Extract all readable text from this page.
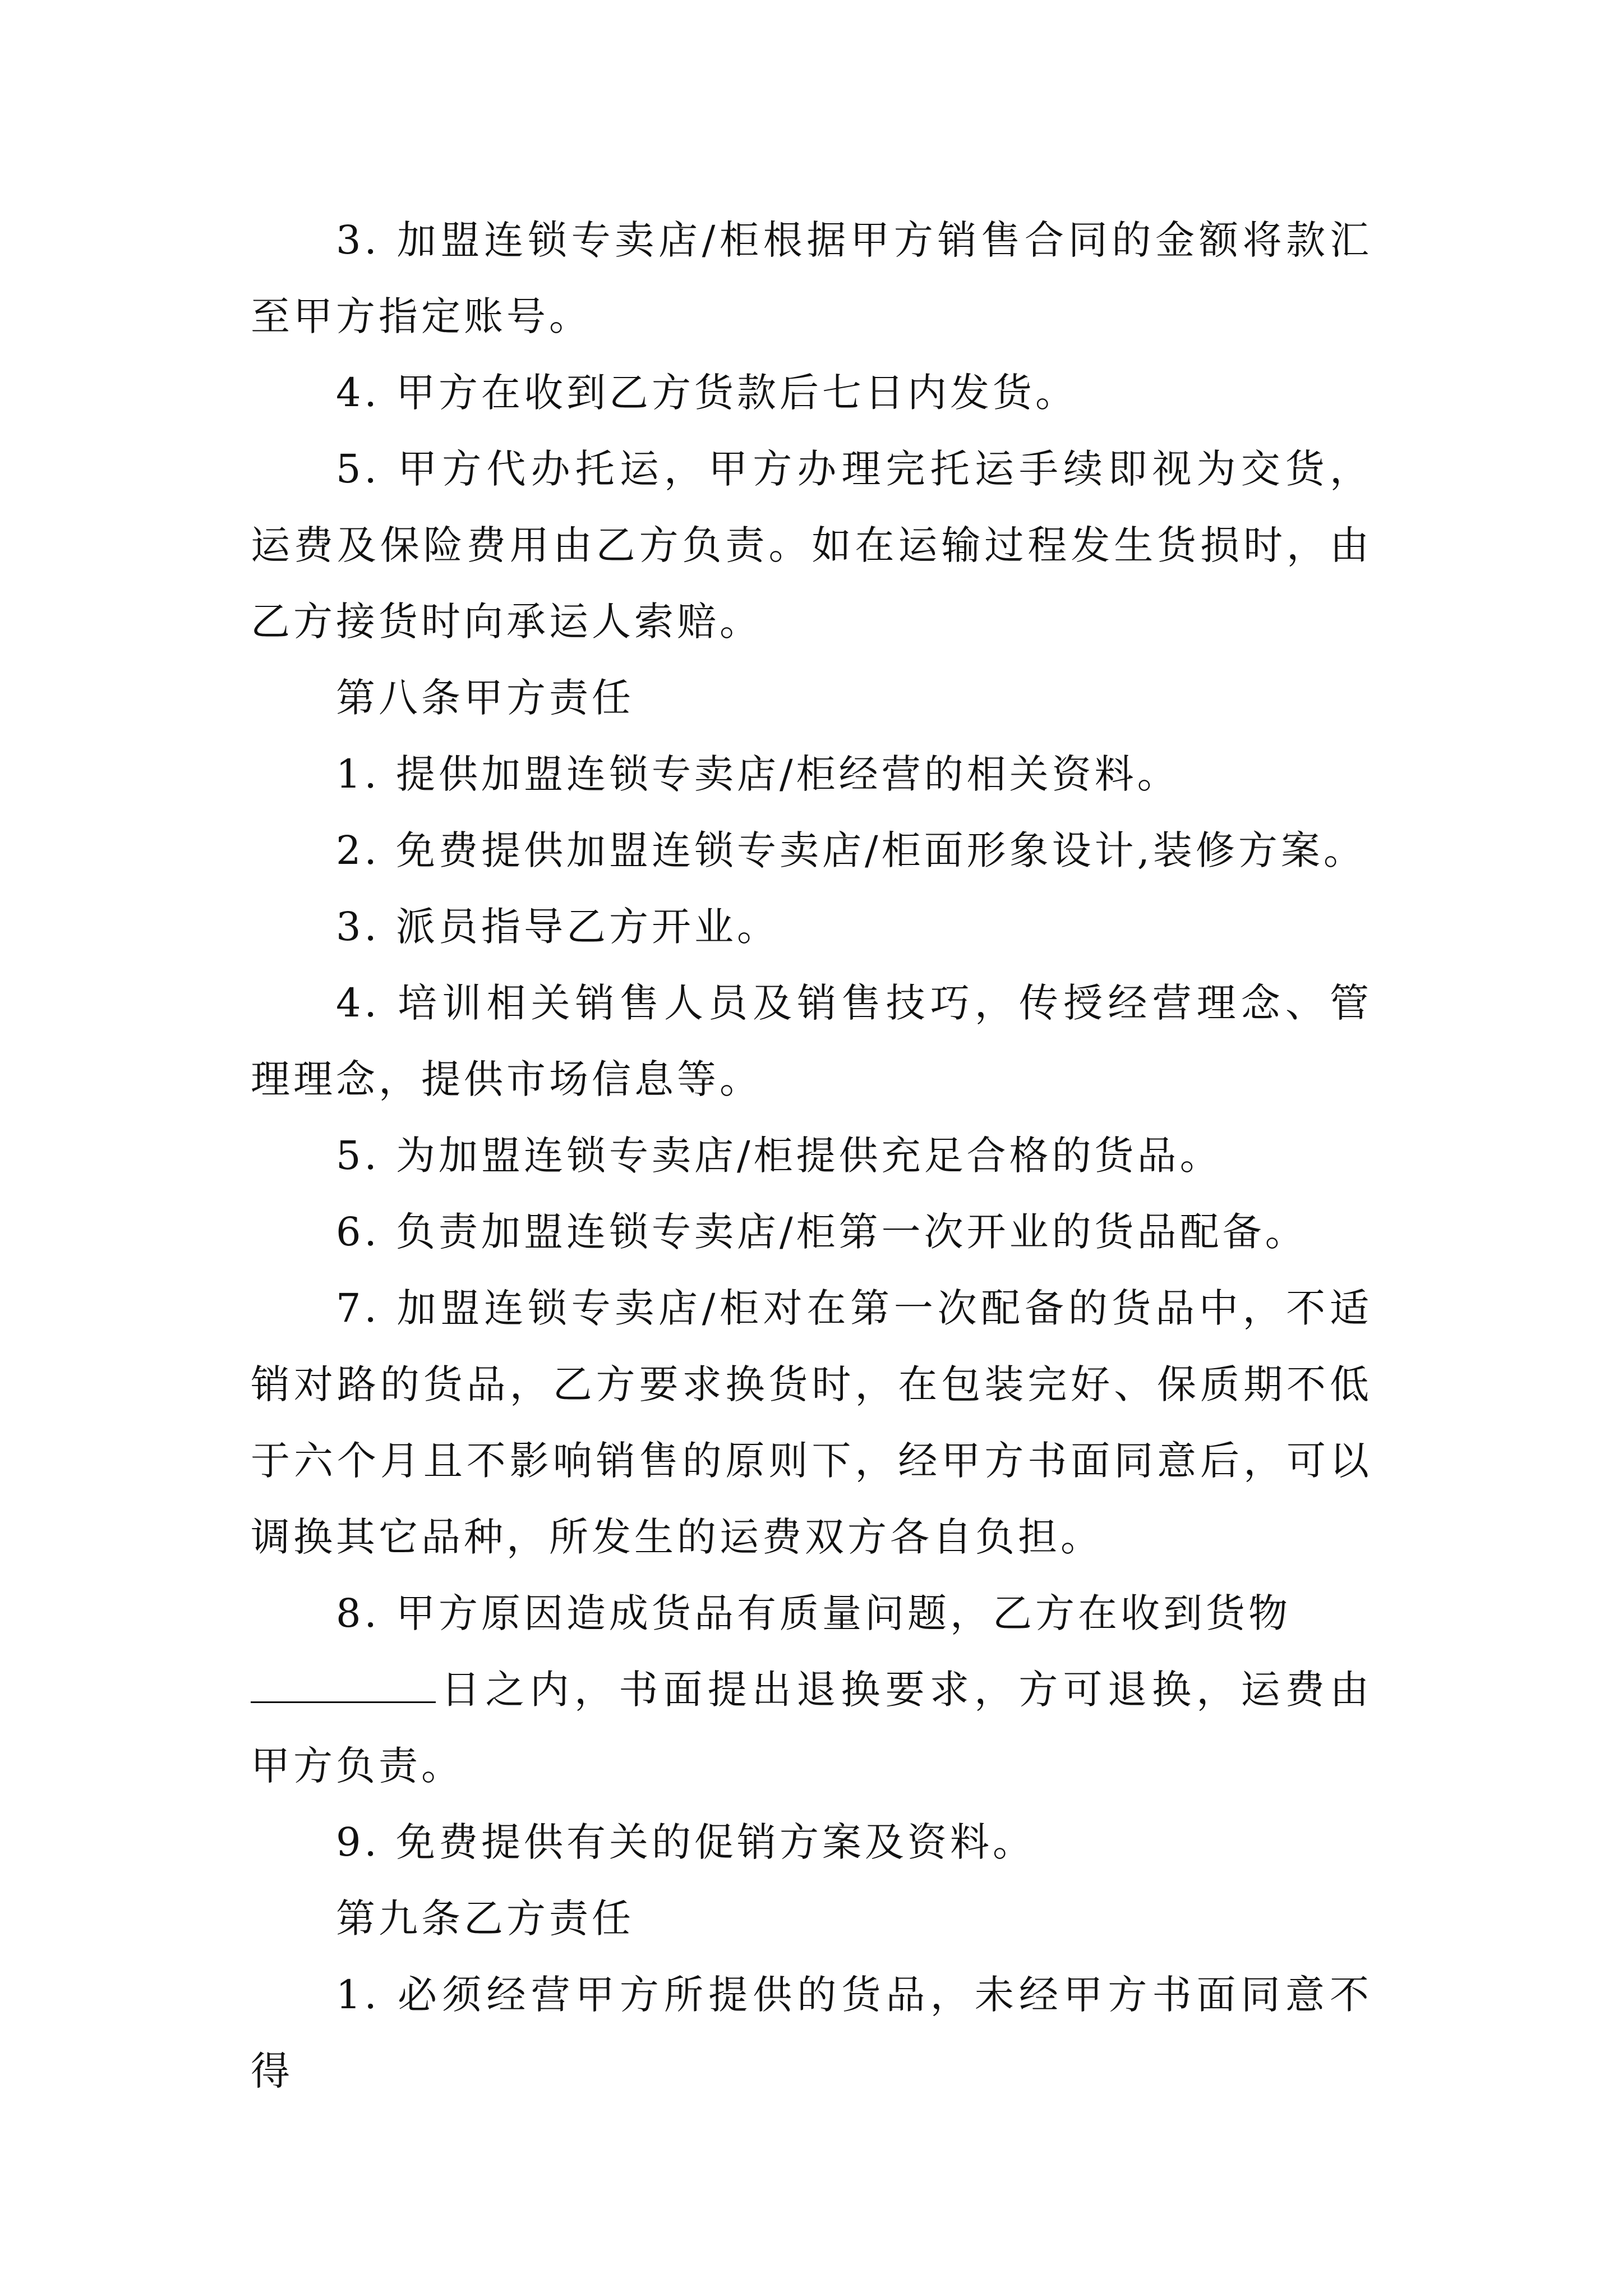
3. 加盟连锁专卖店/柜根据甲方销售合同的金额将款汇至甲方指定账号。

4. 甲方在收到乙方货款后七日内发货。

5. 甲方代办托运，甲方办理完托运手续即视为交货，运费及保险费用由乙方负责。如在运输过程发生货损时，由乙方接货时向承运人索赔。

第八条甲方责任

1. 提供加盟连锁专卖店/柜经营的相关资料。

2. 免费提供加盟连锁专卖店/柜面形象设计,装修方案。

3. 派员指导乙方开业。

4. 培训相关销售人员及销售技巧，传授经营理念、管理理念，提供市场信息等。

5. 为加盟连锁专卖店/柜提供充足合格的货品。

6. 负责加盟连锁专卖店/柜第一次开业的货品配备。

7. 加盟连锁专卖店/柜对在第一次配备的货品中，不适销对路的货品，乙方要求换货时，在包装完好、保质期不低于六个月且不影响销售的原则下，经甲方书面同意后，可以调换其它品种，所发生的运费双方各自负担。

8. 甲方原因造成货品有质量问题，乙方在收到货物
日之内，书面提出退换要求，方可退换，运费由甲方负责。

9. 免费提供有关的促销方案及资料。

第九条乙方责任

1. 必须经营甲方所提供的货品，未经甲方书面同意不得
